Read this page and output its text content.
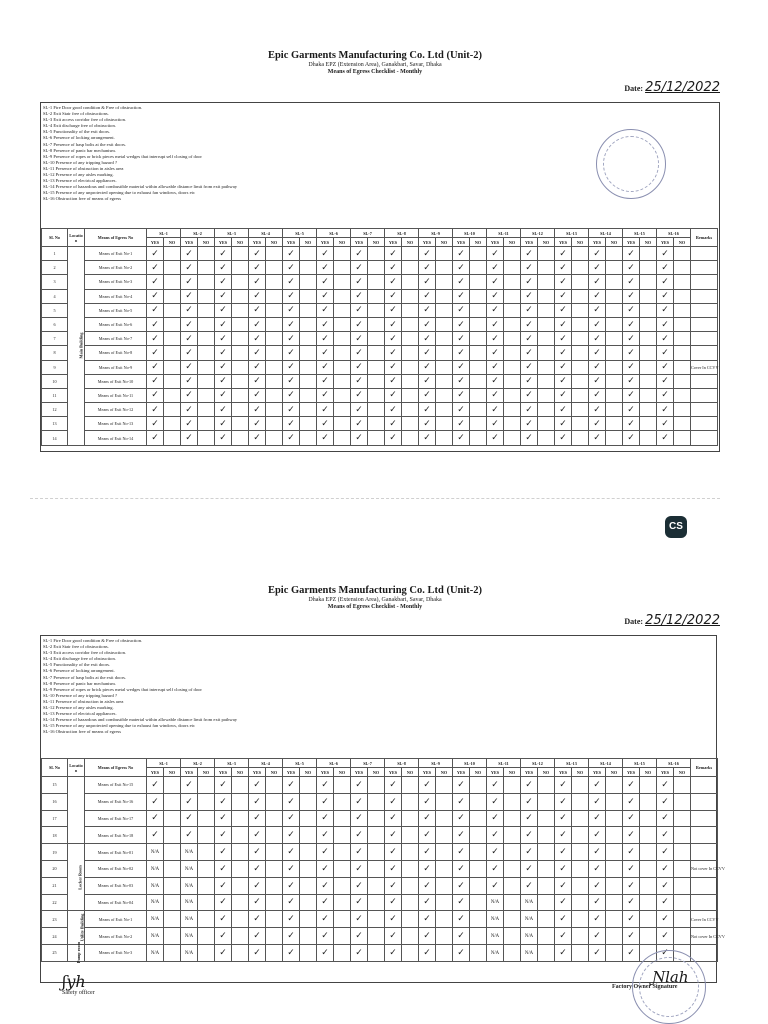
Epic Garments Manufacturing Co. Ltd (Unit-2)

Dhaka EPZ (Extension Area), Ganakbari, Savar, Dhaka

Means of Egress Checklist - Monthly

Date: 25/12/2022
SL-1 Fire Door good condition & Free of obstruction.
SL-2 Exit Stair free of obstructions.
SL-3 Exit access corridor free of obstruction.
SL-4 Exit discharge free of obstruction.
SL-5 Functionality of the exit doors.
SL-6 Presence of locking arrangement.
SL-7 Presence of hasp bolts at the exit doors.
SL-8 Presence of panic bar mechanism.
SL-9 Presence of ropes or brick pieces metal wedges that interrupt self closing of door
SL-10 Presence of any tripping hazard ?
SL-11 Presence of obstruction in aisles area
SL-12 Presence of any aisles marking.
SL-13 Presence of electrical appliances.
SL-14 Presence of hazardous and combustible material within allowable distance limit from exit pathway
SL-15 Presence of any unprotected opening due to exhaust fan windows, doors etc
SL-16 Obstruction free of means of egress
SL No	Locatio n	Means of Egress No	SL-1		SL-2		SL-3		SL-4		SL-5		SL-6		SL-7		SL-8		SL-9		SL-10		SL-11		SL-12		SL-13		SL-14		SL-15		SL-16		Remarks
			YES	NO	YES	NO	YES	NO	YES	NO	YES	NO	YES	NO	YES	NO	YES	NO	YES	NO	YES	NO	YES	NO	YES	NO	YES	NO	YES	NO	YES	NO	YES	NO	
1	Main Building	Means of Exit No-1	✓		✓		✓		✓		✓		✓		✓		✓		✓		✓		✓		✓		✓		✓		✓		✓		
2		Means of Exit No-2	✓		✓		✓		✓		✓		✓		✓		✓		✓		✓		✓		✓		✓		✓		✓		✓		
3		Means of Exit No-3	✓		✓		✓		✓		✓		✓		✓		✓		✓		✓		✓		✓		✓		✓		✓		✓		
4		Means of Exit No-4	✓		✓		✓		✓		✓		✓		✓		✓		✓		✓		✓		✓		✓		✓		✓		✓		
5		Means of Exit No-5	✓		✓		✓		✓		✓		✓		✓		✓		✓		✓		✓		✓		✓		✓		✓		✓		
6		Means of Exit No-6	✓		✓		✓		✓		✓		✓		✓		✓		✓		✓		✓		✓		✓		✓		✓		✓		
7		Means of Exit No-7	✓		✓		✓		✓		✓		✓		✓		✓		✓		✓		✓		✓		✓		✓		✓		✓		
8		Means of Exit No-8	✓		✓		✓		✓		✓		✓		✓		✓		✓		✓		✓		✓		✓		✓		✓		✓		
9		Means of Exit No-9	✓		✓		✓		✓		✓		✓		✓		✓		✓		✓		✓		✓		✓		✓		✓		✓		Cover In CCVV
10		Means of Exit No-10	✓		✓		✓		✓		✓		✓		✓		✓		✓		✓		✓		✓		✓		✓		✓		✓		
11		Means of Exit No-11	✓		✓		✓		✓		✓		✓		✓		✓		✓		✓		✓		✓		✓		✓		✓		✓		
12		Means of Exit No-12	✓		✓		✓		✓		✓		✓		✓		✓		✓		✓		✓		✓		✓		✓		✓		✓		
13		Means of Exit No-13	✓		✓		✓		✓		✓		✓		✓		✓		✓		✓		✓		✓		✓		✓		✓		✓		
14		Means of Exit No-14	✓		✓		✓		✓		✓		✓		✓		✓		✓		✓		✓		✓		✓		✓		✓		✓		
CS

Epic Garments Manufacturing Co. Ltd (Unit-2)

Dhaka EPZ (Extension Area), Ganakbari, Savar, Dhaka

Means of Egress Checklist - Monthly

Date: 25/12/2022
SL-1 Fire Door good condition & Free of obstruction.
SL-2 Exit Stair free of obstructions.
SL-3 Exit access corridor free of obstruction.
SL-4 Exit discharge free of obstruction.
SL-5 Functionality of the exit doors.
SL-6 Presence of locking arrangement.
SL-7 Presence of hasp bolts at the exit doors.
SL-8 Presence of panic bar mechanism.
SL-9 Presence of ropes or brick pieces metal wedges that interrupt self closing of door
SL-10 Presence of any tripping hazard ?
SL-11 Presence of obstruction in aisles area
SL-12 Presence of any aisles marking.
SL-13 Presence of electrical appliances.
SL-14 Presence of hazardous and combustible material within allowable distance limit from exit pathway
SL-15 Presence of any unprotected opening due to exhaust fan windows, doors etc
SL-16 Obstruction free of means of egress
SL No	Locatio n	Means of Egress No	SL-1		SL-2		SL-3		SL-4		SL-5		SL-6		SL-7		SL-8		SL-9		SL-10		SL-11		SL-12		SL-13		SL-14		SL-15		SL-16		Remarks
			YES	NO	YES	NO	YES	NO	YES	NO	YES	NO	YES	NO	YES	NO	YES	NO	YES	NO	YES	NO	YES	NO	YES	NO	YES	NO	YES	NO	YES	NO	YES	NO	
15		Means of Exit No-15	✓		✓		✓		✓		✓		✓		✓		✓		✓		✓		✓		✓		✓		✓		✓		✓		
16		Means of Exit No-16	✓		✓		✓		✓		✓		✓		✓		✓		✓		✓		✓		✓		✓		✓		✓		✓		
17		Means of Exit No-17	✓		✓		✓		✓		✓		✓		✓		✓		✓		✓		✓		✓		✓		✓		✓		✓		
18		Means of Exit No-18	✓		✓		✓		✓		✓		✓		✓		✓		✓		✓		✓		✓		✓		✓		✓		✓		
19	Locker Room	Means of Exit No-01	N/A		N/A		✓		✓		✓		✓		✓		✓		✓		✓		✓		✓		✓		✓		✓		✓		
20		Means of Exit No-02	N/A		N/A		✓		✓		✓		✓		✓		✓		✓		✓		✓		✓		✓		✓		✓		✓		Not cover In CCVV
21		Means of Exit No-03	N/A		N/A		✓		✓		✓		✓		✓		✓		✓		✓		✓		✓		✓		✓		✓		✓		
22		Means of Exit No-04	N/A		N/A		✓		✓		✓		✓		✓		✓		✓		✓		N/A		N/A		✓		✓		✓		✓		
23	Utility Building	Means of Exit No-1	N/A		N/A		✓		✓		✓		✓		✓		✓		✓		✓		N/A		N/A		✓		✓		✓		✓		Cover In CCVV
24		Means of Exit No-2	N/A		N/A		✓		✓		✓		✓		✓		✓		✓		✓		N/A		N/A		✓		✓		✓		✓		Not cover In CCVV
25	Pump room	Means of Exit No-3	N/A		N/A		✓		✓		✓		✓		✓		✓		✓		✓		N/A		N/A		✓		✓		✓		✓		
ʃyh
Safety officer
Ɲlah
Factory Owner Signature
